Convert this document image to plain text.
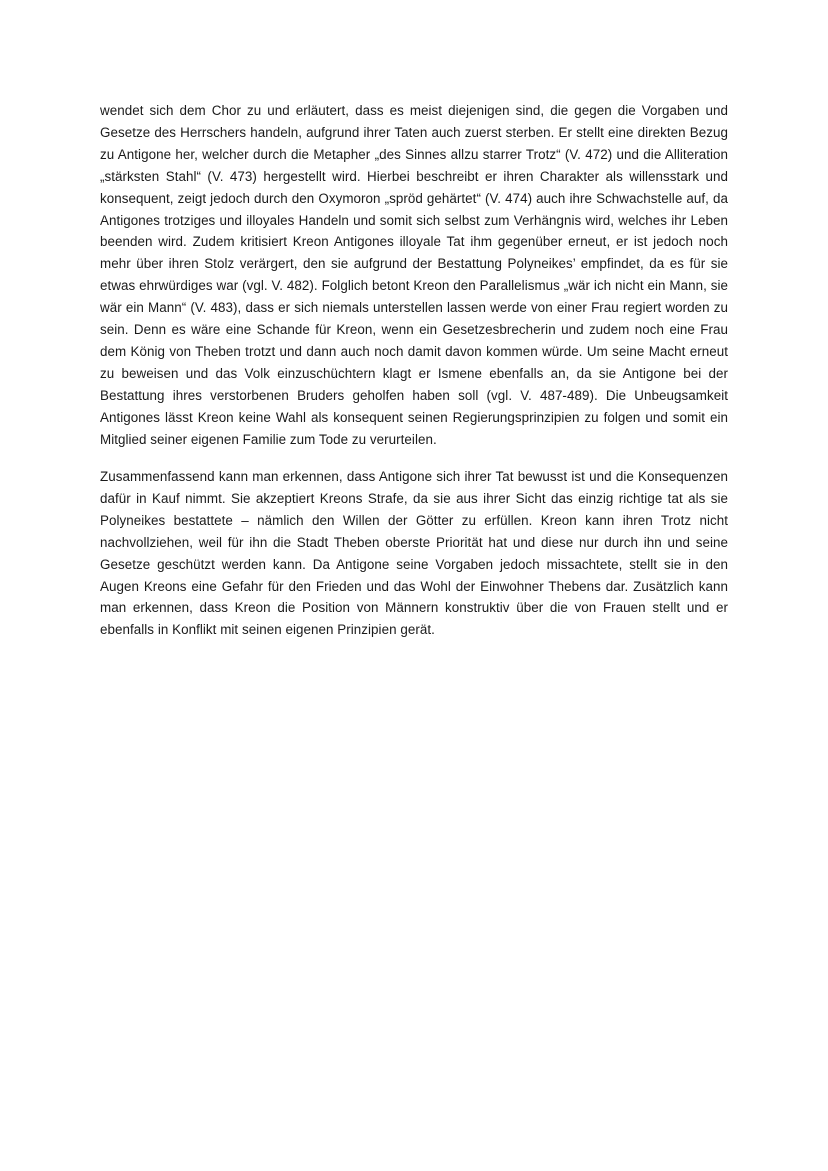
wendet sich dem Chor zu und erläutert, dass es meist diejenigen sind, die gegen die Vorgaben und Gesetze des Herrschers handeln, aufgrund ihrer Taten auch zuerst sterben. Er stellt eine direkten Bezug zu Antigone her, welcher durch die Metapher „des Sinnes allzu starrer Trotz“ (V. 472) und die Alliteration „stärksten Stahl“ (V. 473) hergestellt wird. Hierbei beschreibt er ihren Charakter als willensstark und konsequent, zeigt jedoch durch den Oxymoron „spröd gehärtet“ (V. 474) auch ihre Schwachstelle auf, da Antigones trotziges und illoyales Handeln und somit sich selbst zum Verhängnis wird, welches ihr Leben beenden wird. Zudem kritisiert Kreon Antigones illoyale Tat ihm gegenüber erneut, er ist jedoch noch mehr über ihren Stolz verärgert, den sie aufgrund der Bestattung Polyneikes’ empfindet, da es für sie etwas ehrwürdiges war (vgl. V. 482). Folglich betont Kreon den Parallelismus „wär ich nicht ein Mann, sie wär ein Mann“ (V. 483), dass er sich niemals unterstellen lassen werde von einer Frau regiert worden zu sein. Denn es wäre eine Schande für Kreon, wenn ein Gesetzesbrecherin und zudem noch eine Frau dem König von Theben trotzt und dann auch noch damit davon kommen würde. Um seine Macht erneut zu beweisen und das Volk einzuschüchtern klagt er Ismene ebenfalls an, da sie Antigone bei der Bestattung ihres verstorbenen Bruders geholfen haben soll (vgl. V. 487-489). Die Unbeugsamkeit Antigones lässt Kreon keine Wahl als konsequent seinen Regierungsprinzipien zu folgen und somit ein Mitglied seiner eigenen Familie zum Tode zu verurteilen.

Zusammenfassend kann man erkennen, dass Antigone sich ihrer Tat bewusst ist und die Konsequenzen dafür in Kauf nimmt. Sie akzeptiert Kreons Strafe, da sie aus ihrer Sicht das einzig richtige tat als sie Polyneikes bestattete – nämlich den Willen der Götter zu erfüllen. Kreon kann ihren Trotz nicht nachvollziehen, weil für ihn die Stadt Theben oberste Priorität hat und diese nur durch ihn und seine Gesetze geschützt werden kann. Da Antigone seine Vorgaben jedoch missachtete, stellt sie in den Augen Kreons eine Gefahr für den Frieden und das Wohl der Einwohner Thebens dar. Zusätzlich kann man erkennen, dass Kreon die Position von Männern konstruktiv über die von Frauen stellt und er ebenfalls in Konflikt mit seinen eigenen Prinzipien gerät.
